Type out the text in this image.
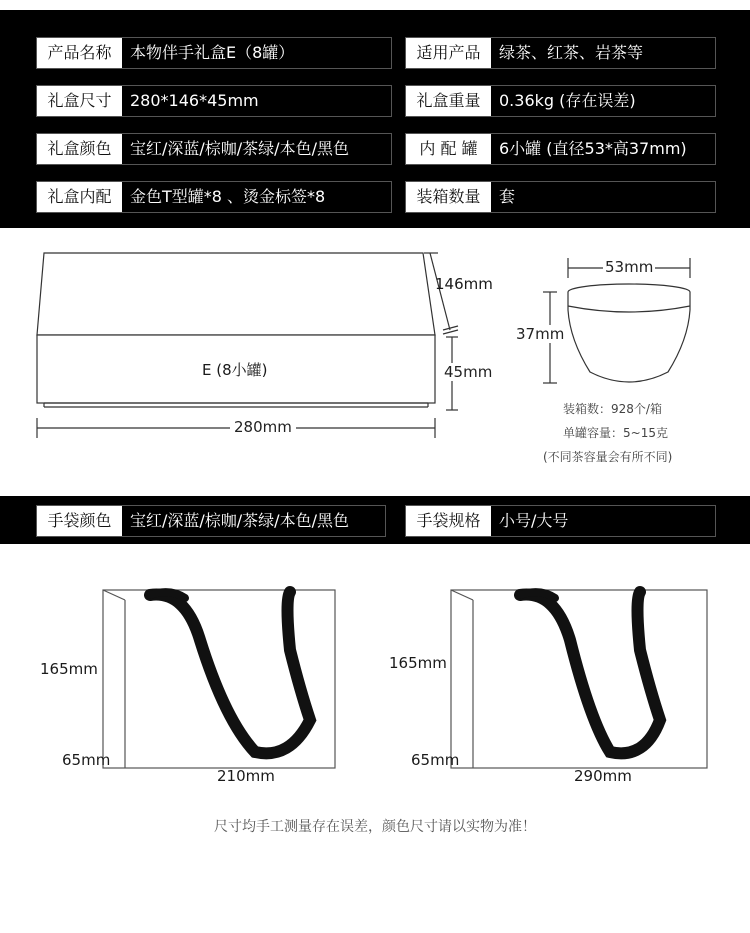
产品名称	本物伴手礼盒E（8罐）	适用产品	绿茶、红茶、岩茶等
礼盒尺寸	280*146*45mm	礼盒重量	0.36kg (存在误差)
礼盒颜色	宝红/深蓝/棕咖/茶绿/本色/黑色	内 配 罐	6小罐 (直径53*高37mm)
礼盒内配	金色T型罐*8 、烫金标签*8	装箱数量	套
E (8小罐)
146mm
45mm
280mm
53mm
37mm
装箱数：928个/箱
单罐容量：5~15克
(不同茶容量会有所不同)
手袋颜色	宝红/深蓝/棕咖/茶绿/本色/黑色	手袋规格	小号/大号
165mm
65mm
210mm
165mm
65mm
290mm
尺寸均手工测量存在误差，颜色尺寸请以实物为准！
